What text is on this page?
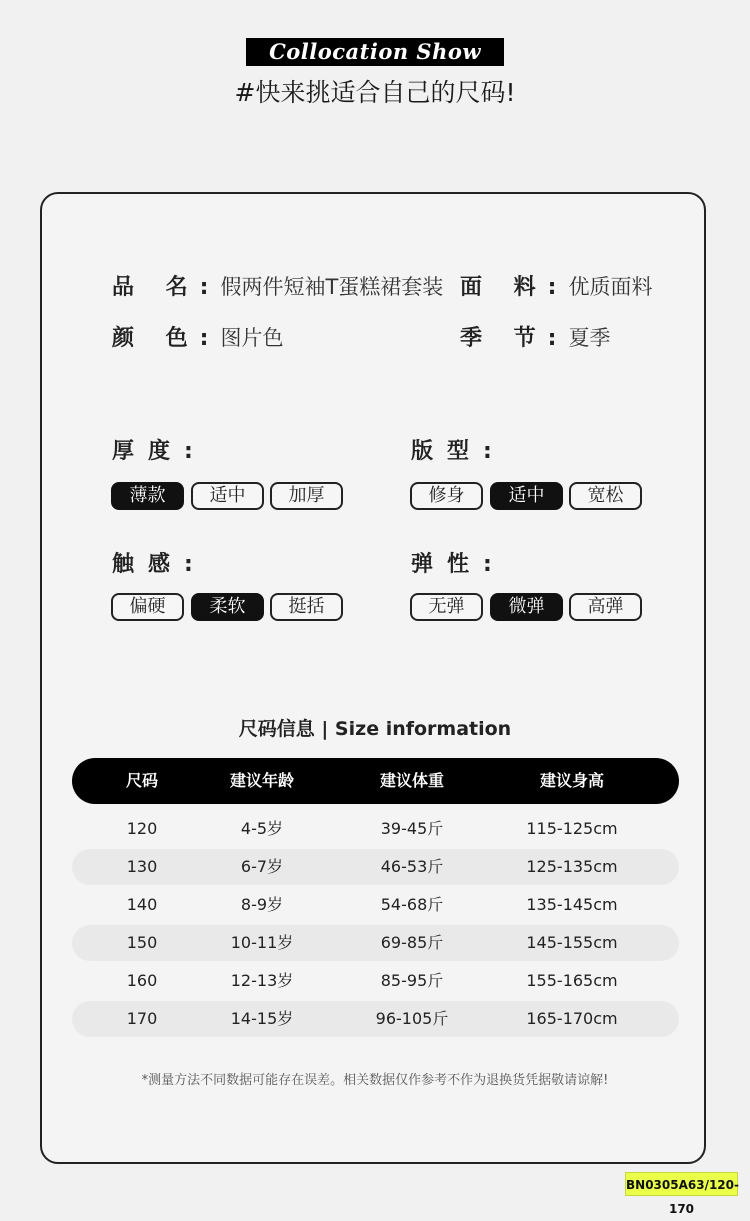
Collocation Show
#快来挑适合自己的尺码!
品 名:假两件短袖T蛋糕裙套装 面 料:优质面料
颜 色:图片色	季 节:夏季
厚度:
薄款	适中	加厚
版型:
修身	适中	宽松
触感:
偏硬	柔软	挺括
弹性:
无弹	微弹	高弹
尺码信息 | Size information
尺码	建议年龄	建议体重	建议身高
120	4-5岁	39-45斤	115-125cm
130	6-7岁	46-53斤	125-135cm
140	8-9岁	54-68斤	135-145cm
150	10-11岁	69-85斤	145-155cm
160	12-13岁	85-95斤	155-165cm
170	14-15岁	96-105斤	165-170cm
*测量方法不同数据可能存在误差。相关数据仅作参考不作为退换货凭据敬请谅解!
BN0305A63/120-170
